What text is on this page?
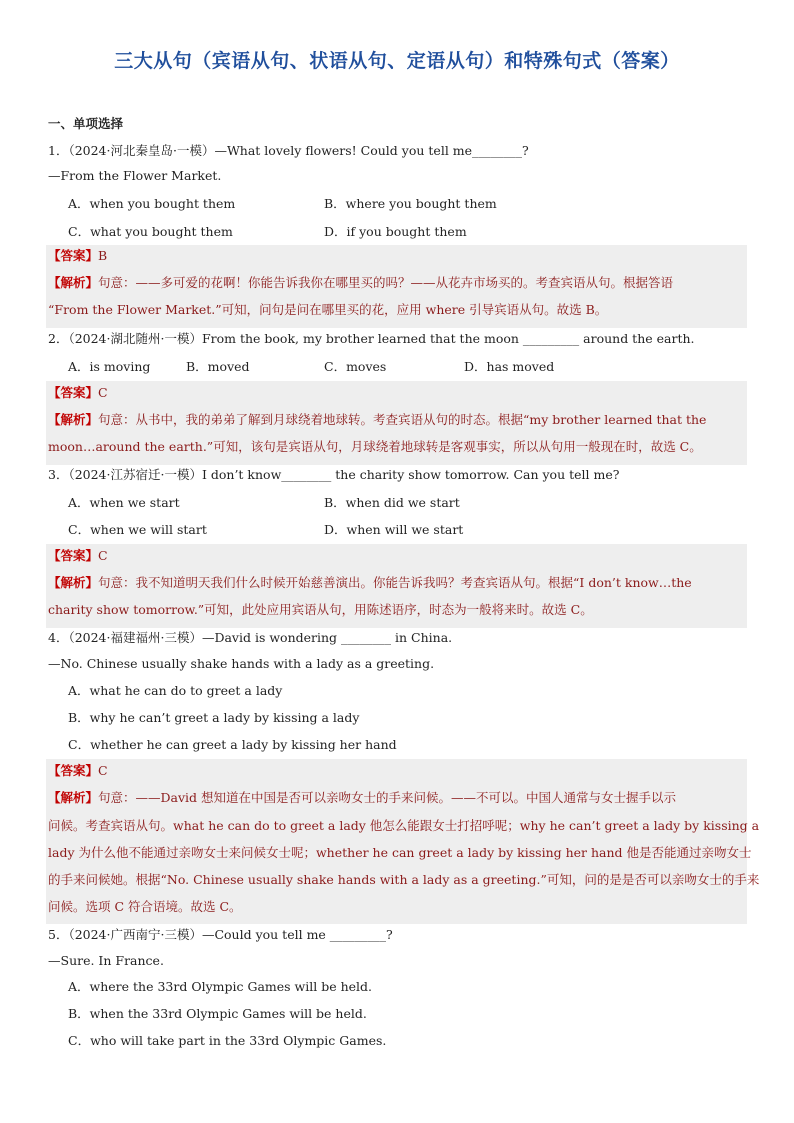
三大从句（宾语从句、状语从句、定语从句）和特殊句式（答案）
一、单项选择
1．（2024·河北秦皇岛·一模）—What lovely flowers! Could you tell me________?
—From the Flower Market.
A．when you bought them	B．where you bought them
C．what you bought them	D．if you bought them
【答案】B
【解析】句意：——多可爱的花啊！你能告诉我你在哪里买的吗？——从花卉市场买的。考查宾语从句。根据答语
“From the Flower Market.”可知，问句是问在哪里买的花，应用 where 引导宾语从句。故选 B。
2．（2024·湖北随州·一模）From the book, my brother learned that the moon _________ around the earth.
A．is moving	B．moved	C．moves	D．has moved
【答案】C
【解析】句意：从书中，我的弟弟了解到月球绕着地球转。考查宾语从句的时态。根据“my brother learned that the
moon…around the earth.”可知，该句是宾语从句，月球绕着地球转是客观事实，所以从句用一般现在时，故选 C。
3．（2024·江苏宿迁·一模）I don’t know________ the charity show tomorrow. Can you tell me?
A．when we start	B．when did we start
C．when we will start	D．when will we start
【答案】C
【解析】句意：我不知道明天我们什么时候开始慈善演出。你能告诉我吗？考查宾语从句。根据“I don’t know…the
charity show tomorrow.”可知，此处应用宾语从句，用陈述语序，时态为一般将来时。故选 C。
4．（2024·福建福州·三模）—David is wondering ________ in China.
—No. Chinese usually shake hands with a lady as a greeting.
A．what he can do to greet a lady
B．why he can’t greet a lady by kissing a lady
C．whether he can greet a lady by kissing her hand
【答案】C
【解析】句意：——David 想知道在中国是否可以亲吻女士的手来问候。——不可以。中国人通常与女士握手以示
问候。考查宾语从句。what he can do to greet a lady 他怎么能跟女士打招呼呢；why he can’t greet a lady by kissing a
lady 为什么他不能通过亲吻女士来问候女士呢；whether he can greet a lady by kissing her hand 他是否能通过亲吻女士
的手来问候她。根据“No. Chinese usually shake hands with a lady as a greeting.”可知，问的是是否可以亲吻女士的手来
问候。选项 C 符合语境。故选 C。
5．（2024·广西南宁·三模）—Could you tell me _________?
—Sure. In France.
A．where the 33rd Olympic Games will be held.
B．when the 33rd Olympic Games will be held.
C．who will take part in the 33rd Olympic Games.
